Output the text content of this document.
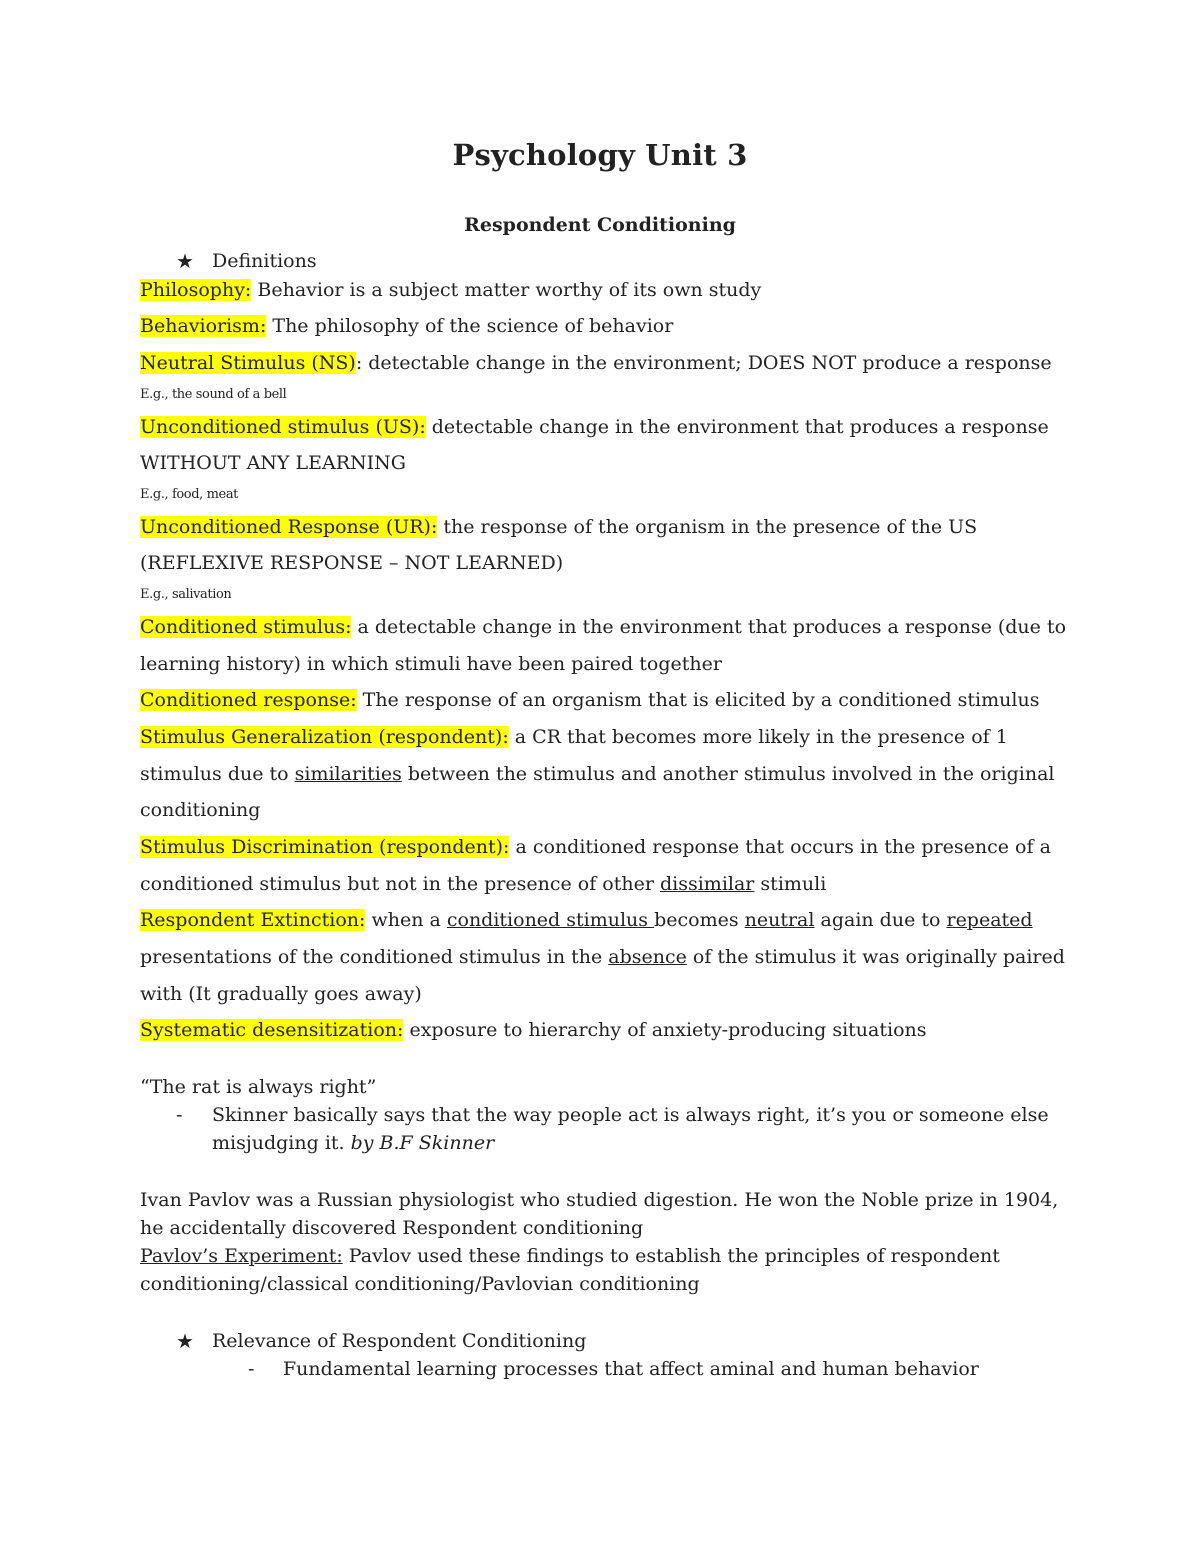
Psychology Unit 3
Respondent Conditioning
★ Definitions
Philosophy: Behavior is a subject matter worthy of its own study
Behaviorism: The philosophy of the science of behavior
Neutral Stimulus (NS): detectable change in the environment; DOES NOT produce a response
E.g., the sound of a bell
Unconditioned stimulus (US): detectable change in the environment that produces a response
WITHOUT ANY LEARNING
E.g., food, meat
Unconditioned Response (UR): the response of the organism in the presence of the US
(REFLEXIVE RESPONSE – NOT LEARNED)
E.g., salivation
Conditioned stimulus: a detectable change in the environment that produces a response (due to
learning history) in which stimuli have been paired together
Conditioned response: The response of an organism that is elicited by a conditioned stimulus
Stimulus Generalization (respondent): a CR that becomes more likely in the presence of 1
stimulus due to similarities between the stimulus and another stimulus involved in the original
conditioning
Stimulus Discrimination (respondent): a conditioned response that occurs in the presence of a
conditioned stimulus but not in the presence of other dissimilar stimuli
Respondent Extinction: when a conditioned stimulus becomes neutral again due to repeated
presentations of the conditioned stimulus in the absence of the stimulus it was originally paired
with (It gradually goes away)
Systematic desensitization: exposure to hierarchy of anxiety-producing situations
“The rat is always right”
- Skinner basically says that the way people act is always right, it’s you or someone else
misjudging it. by B.F Skinner
Ivan Pavlov was a Russian physiologist who studied digestion. He won the Noble prize in 1904,
he accidentally discovered Respondent conditioning
Pavlov’s Experiment: Pavlov used these findings to establish the principles of respondent
conditioning/classical conditioning/Pavlovian conditioning
★ Relevance of Respondent Conditioning
- Fundamental learning processes that affect aminal and human behavior
